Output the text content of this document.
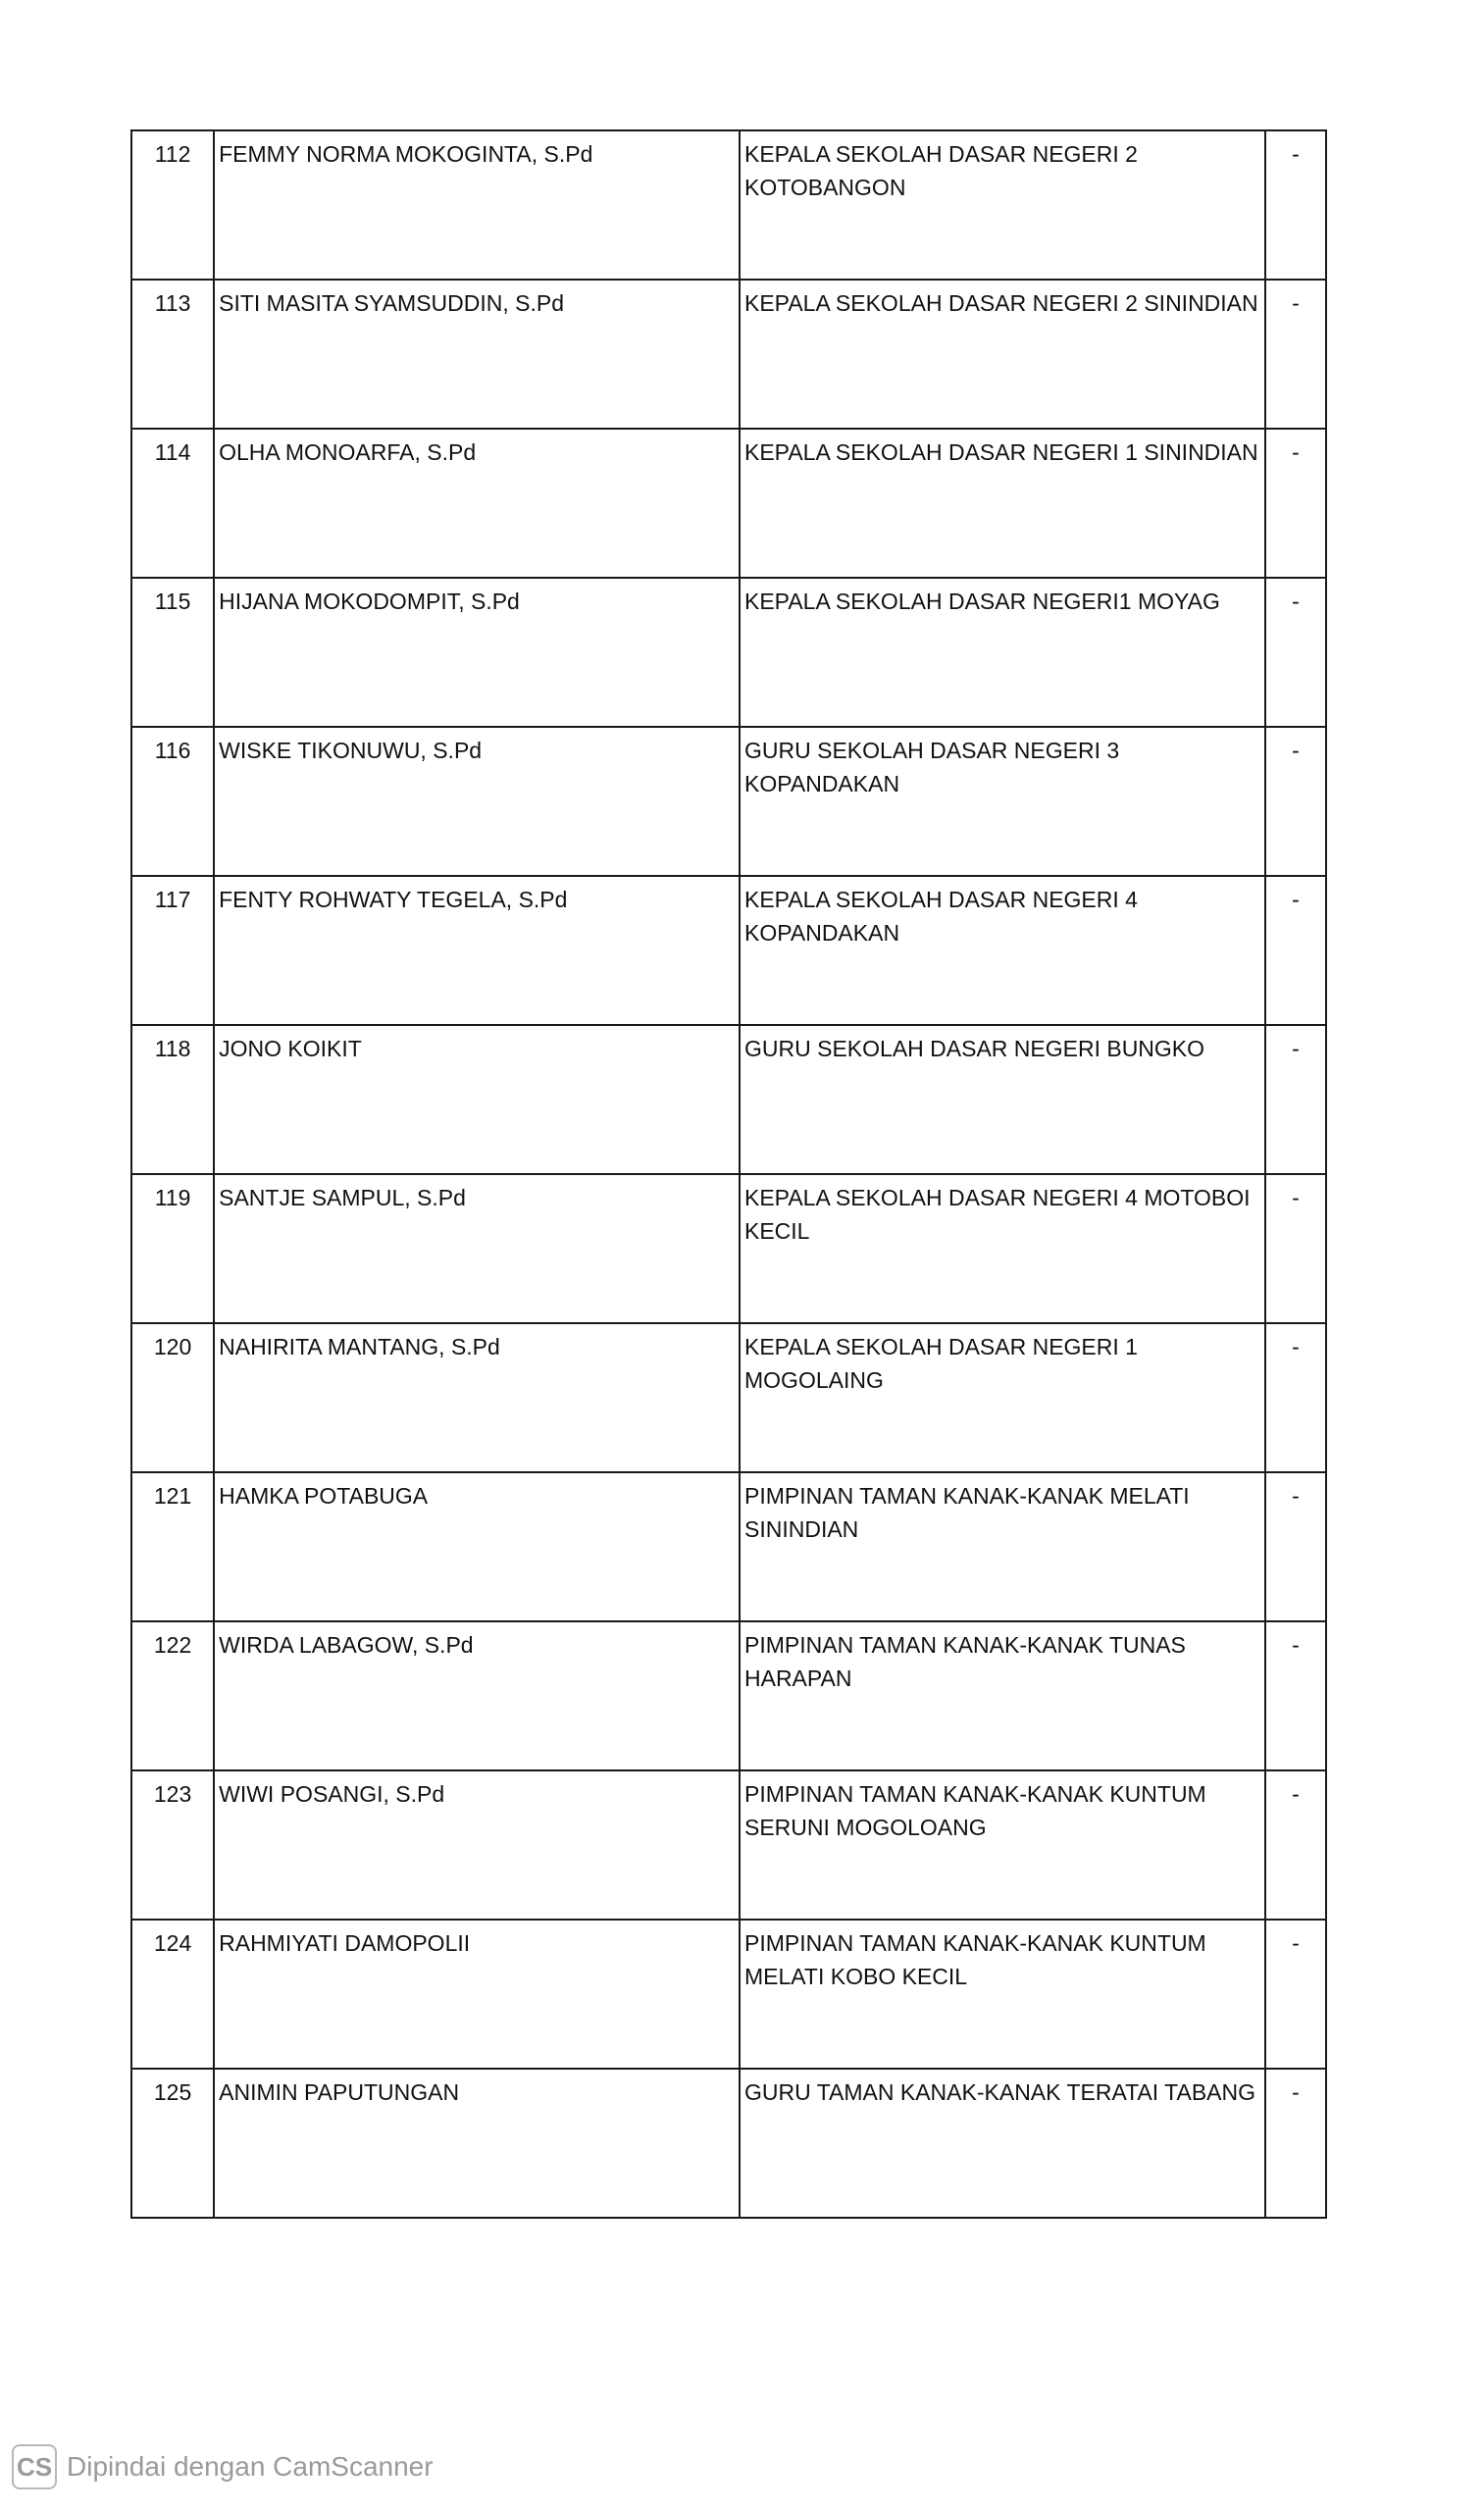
112	FEMMY NORMA MOKOGINTA, S.Pd	KEPALA SEKOLAH DASAR NEGERI 2 KOTOBANGON	-

113	SITI MASITA SYAMSUDDIN, S.Pd	KEPALA SEKOLAH DASAR NEGERI 2 SININDIAN	-

114	OLHA MONOARFA, S.Pd	KEPALA SEKOLAH DASAR NEGERI 1 SININDIAN	-

115	HIJANA MOKODOMPIT, S.Pd	KEPALA SEKOLAH DASAR NEGERI1 MOYAG	-

116	WISKE TIKONUWU, S.Pd	GURU SEKOLAH DASAR NEGERI 3 KOPANDAKAN	-

117	FENTY ROHWATY TEGELA, S.Pd	KEPALA SEKOLAH DASAR NEGERI 4 KOPANDAKAN	-

118	JONO KOIKIT	GURU SEKOLAH DASAR NEGERI BUNGKO	-

119	SANTJE SAMPUL, S.Pd	KEPALA SEKOLAH DASAR NEGERI 4 MOTOBOI KECIL	-

120	NAHIRITA MANTANG, S.Pd	KEPALA SEKOLAH DASAR NEGERI 1 MOGOLAING	-

121	HAMKA POTABUGA	PIMPINAN TAMAN KANAK-KANAK MELATI SININDIAN	-

122	WIRDA LABAGOW, S.Pd	PIMPINAN TAMAN KANAK-KANAK TUNAS HARAPAN	-

123	WIWI POSANGI, S.Pd	PIMPINAN TAMAN KANAK-KANAK KUNTUM SERUNI MOGOLOANG	-

124	RAHMIYATI DAMOPOLII	PIMPINAN TAMAN KANAK-KANAK KUNTUM MELATI KOBO KECIL	-

125	ANIMIN PAPUTUNGAN	GURU TAMAN KANAK-KANAK TERATAI TABANG	-
CS Dipindai dengan CamScanner
